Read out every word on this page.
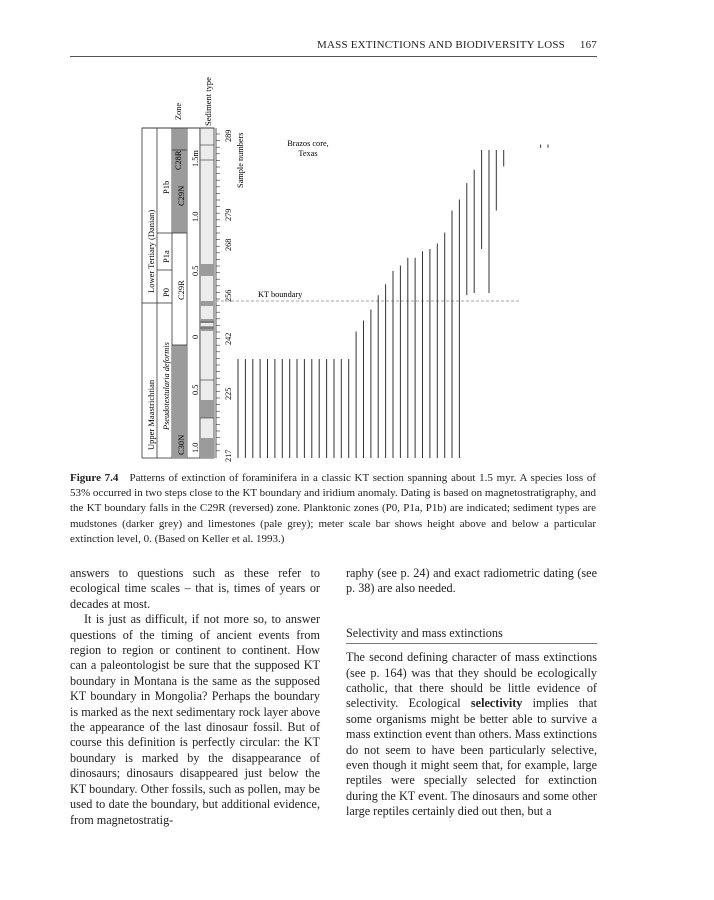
MASS EXTINCTIONS AND BIODIVERSITY LOSS 167
Lower Tertiary (Danian)
Upper Maastrichtian
P1b
P1a
P0
Pseudotextularia deformis
C28R
C29N
C29R
C30N
Zone Sediment type
Sample numbers
1.5m
1.0
0.5
0
0.5
1.0
289
279
268
256
242
225
217
Brazos core,
Texas
KT boundary
Figure 7.4 Patterns of extinction of foraminifera in a classic KT section spanning about 1.5 myr. A species loss of 53% occurred in two steps close to the KT boundary and iridium anomaly. Dating is based on magnetostratigraphy, and the KT boundary falls in the C29R (reversed) zone. Planktonic zones (P0, P1a, P1b) are indicated; sediment types are mudstones (darker grey) and limestones (pale grey); meter scale bar shows height above and below a particular extinction level, 0. (Based on Keller et al. 1993.)

answers to questions such as these refer to ecological time scales – that is, times of years or decades at most.

It is just as difficult, if not more so, to answer questions of the timing of ancient events from region to region or continent to continent. How can a paleontologist be sure that the supposed KT boundary in Montana is the same as the supposed KT boundary in Mongolia? Perhaps the boundary is marked as the next sedimentary rock layer above the appearance of the last dinosaur fossil. But of course this definition is perfectly circular: the KT boundary is marked by the disappearance of dinosaurs; dinosaurs disappeared just below the KT boundary. Other fossils, such as pollen, may be used to date the boundary, but additional evidence, from magnetostratig-

raphy (see p. 24) and exact radiometric dating (see p. 38) are also needed.

Selectivity and mass extinctions

The second defining character of mass extinctions (see p. 164) was that they should be ecologically catholic, that there should be little evidence of selectivity. Ecological selectivity implies that some organisms might be better able to survive a mass extinction event than others. Mass extinctions do not seem to have been particularly selective, even though it might seem that, for example, large reptiles were specially selected for extinction during the KT event. The dinosaurs and some other large reptiles certainly died out then, but a
